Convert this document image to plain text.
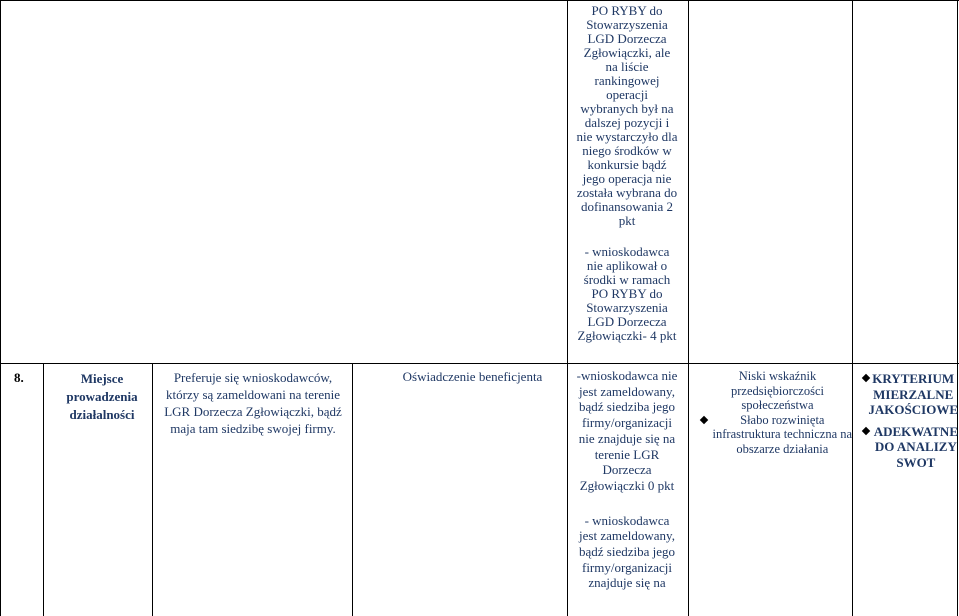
PO RYBY do Stowarzyszenia LGD Dorzecza Zgłowiączki, ale na liście rankingowej operacji wybranych był na dalszej pozycji i nie wystarczyło dla niego środków w konkursie bądź jego operacja nie została wybrana do dofinansowania 2 pkt

- wnioskodawca nie aplikował o środki w ramach PO RYBY do Stowarzyszenia LGD Dorzecza Zgłowiączki- 4 pkt

8.	Miejsce prowadzenia działalności
Preferuje się wnioskodawców, którzy są zameldowani na terenie LGR Dorzecza Zgłowiączki, bądź maja tam siedzibę swojej firmy.
Oświadczenie beneficjenta	-wnioskodawca nie jest zameldowany, bądź siedziba jego firmy/organizacji nie znajduje się na terenie LGR Dorzecza Zgłowiączki 0 pkt

- wnioskodawca jest zameldowany, bądź siedziba jego firmy/organizacji znajduje się na

Niski wskaźnik przedsiębiorczości społeczeństwa
Słabo rozwinięta infrastruktura techniczna na obszarze działania
KRYTERIUM MIERZALNE JAKOŚCIOWE
ADEKWATNE DO ANALIZY SWOT
